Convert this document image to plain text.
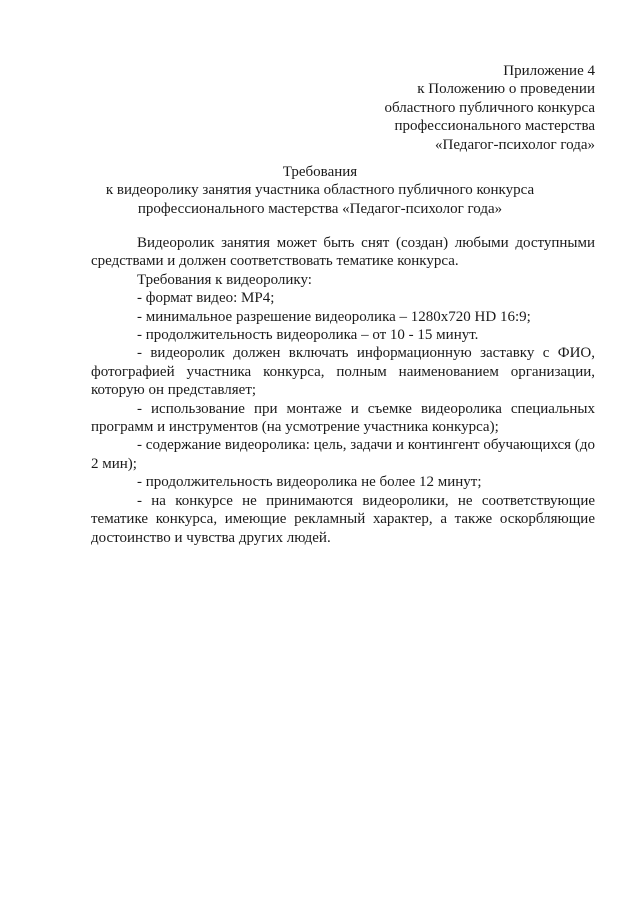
Приложение 4
к Положению о проведении
областного публичного конкурса
профессионального мастерства
«Педагог-психолог года»
Требования
к видеоролику занятия участника областного публичного конкурса
профессионального мастерства «Педагог-психолог года»

Видеоролик занятия может быть снят (создан) любыми доступными средствами и должен соответствовать тематике конкурса.

Требования к видеоролику:

- формат видео: MP4;

- минимальное разрешение видеоролика – 1280х720 HD 16:9;

- продолжительность видеоролика – от 10 - 15 минут.

- видеоролик должен включать информационную заставку с ФИО, фотографией участника конкурса, полным наименованием организации, которую он представляет;

- использование при монтаже и съемке видеоролика специальных программ и инструментов (на усмотрение участника конкурса);

- содержание видеоролика: цель, задачи и контингент обучающихся (до 2 мин);

- продолжительность видеоролика не более 12 минут;

- на конкурсе не принимаются видеоролики, не соответствующие тематике конкурса, имеющие рекламный характер, а также оскорбляющие достоинство и чувства других людей.
